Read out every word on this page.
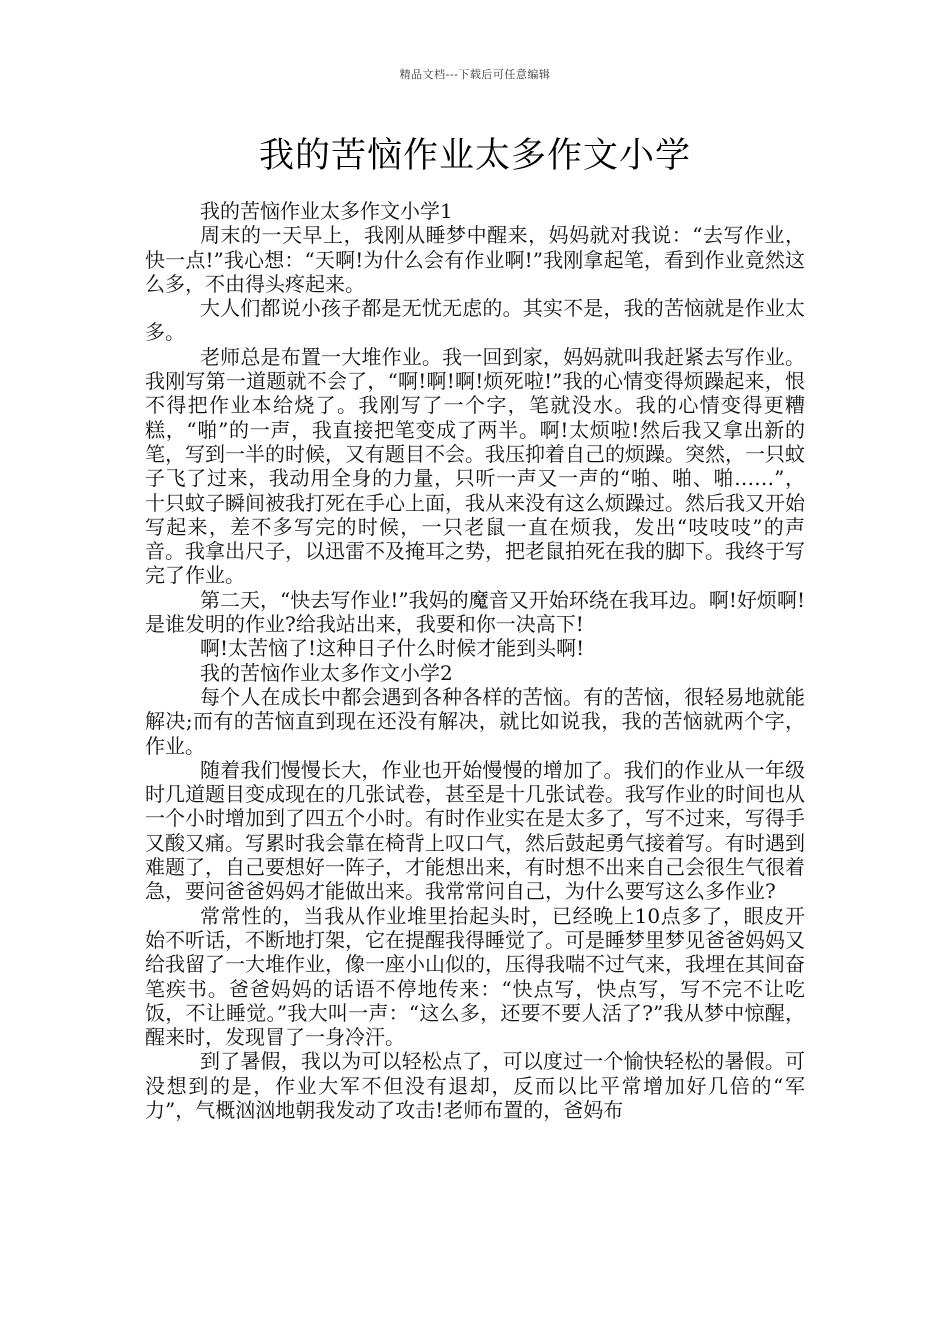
精品文档---下载后可任意编辑
我的苦恼作业太多作文小学

我的苦恼作业太多作文小学1

周末的一天早上，我刚从睡梦中醒来，妈妈就对我说：“去写作业，快一点!”我心想：“天啊!为什么会有作业啊!”我刚拿起笔，看到作业竟然这么多，不由得头疼起来。

大人们都说小孩子都是无忧无虑的。其实不是，我的苦恼就是作业太多。

老师总是布置一大堆作业。我一回到家，妈妈就叫我赶紧去写作业。我刚写第一道题就不会了，“啊!啊!啊!烦死啦!”我的心情变得烦躁起来，恨不得把作业本给烧了。我刚写了一个字，笔就没水。我的心情变得更糟糕，“啪”的一声，我直接把笔变成了两半。啊!太烦啦!然后我又拿出新的笔，写到一半的时候，又有题目不会。我压抑着自己的烦躁。突然，一只蚊子飞了过来，我动用全身的力量，只听一声又一声的“啪、啪、啪……”，十只蚊子瞬间被我打死在手心上面，我从来没有这么烦躁过。然后我又开始写起来，差不多写完的时候，一只老鼠一直在烦我，发出“吱吱吱”的声音。我拿出尺子，以迅雷不及掩耳之势，把老鼠拍死在我的脚下。我终于写完了作业。

第二天，“快去写作业!”我妈的魔音又开始环绕在我耳边。啊!好烦啊!是谁发明的作业?给我站出来，我要和你一决高下!

啊!太苦恼了!这种日子什么时候才能到头啊!

我的苦恼作业太多作文小学2

每个人在成长中都会遇到各种各样的苦恼。有的苦恼，很轻易地就能解决;而有的苦恼直到现在还没有解决，就比如说我，我的苦恼就两个字，作业。

随着我们慢慢长大，作业也开始慢慢的增加了。我们的作业从一年级时几道题目变成现在的几张试卷，甚至是十几张试卷。我写作业的时间也从一个小时增加到了四五个小时。有时作业实在是太多了，写不过来，写得手又酸又痛。写累时我会靠在椅背上叹口气，然后鼓起勇气接着写。有时遇到难题了，自己要想好一阵子，才能想出来，有时想不出来自己会很生气很着急，要问爸爸妈妈才能做出来。我常常问自己，为什么要写这么多作业?

常常性的，当我从作业堆里抬起头时，已经晚上10点多了，眼皮开始不听话，不断地打架，它在提醒我得睡觉了。可是睡梦里梦见爸爸妈妈又给我留了一大堆作业，像一座小山似的，压得我喘不过气来，我埋在其间奋笔疾书。爸爸妈妈的话语不停地传来：“快点写，快点写，写不完不让吃饭，不让睡觉。”我大叫一声：“这么多，还要不要人活了?”我从梦中惊醒，醒来时，发现冒了一身冷汗。

到了暑假，我以为可以轻松点了，可以度过一个愉快轻松的暑假。可没想到的是，作业大军不但没有退却，反而以比平常增加好几倍的“军力”，气概汹汹地朝我发动了攻击!老师布置的，爸妈布
